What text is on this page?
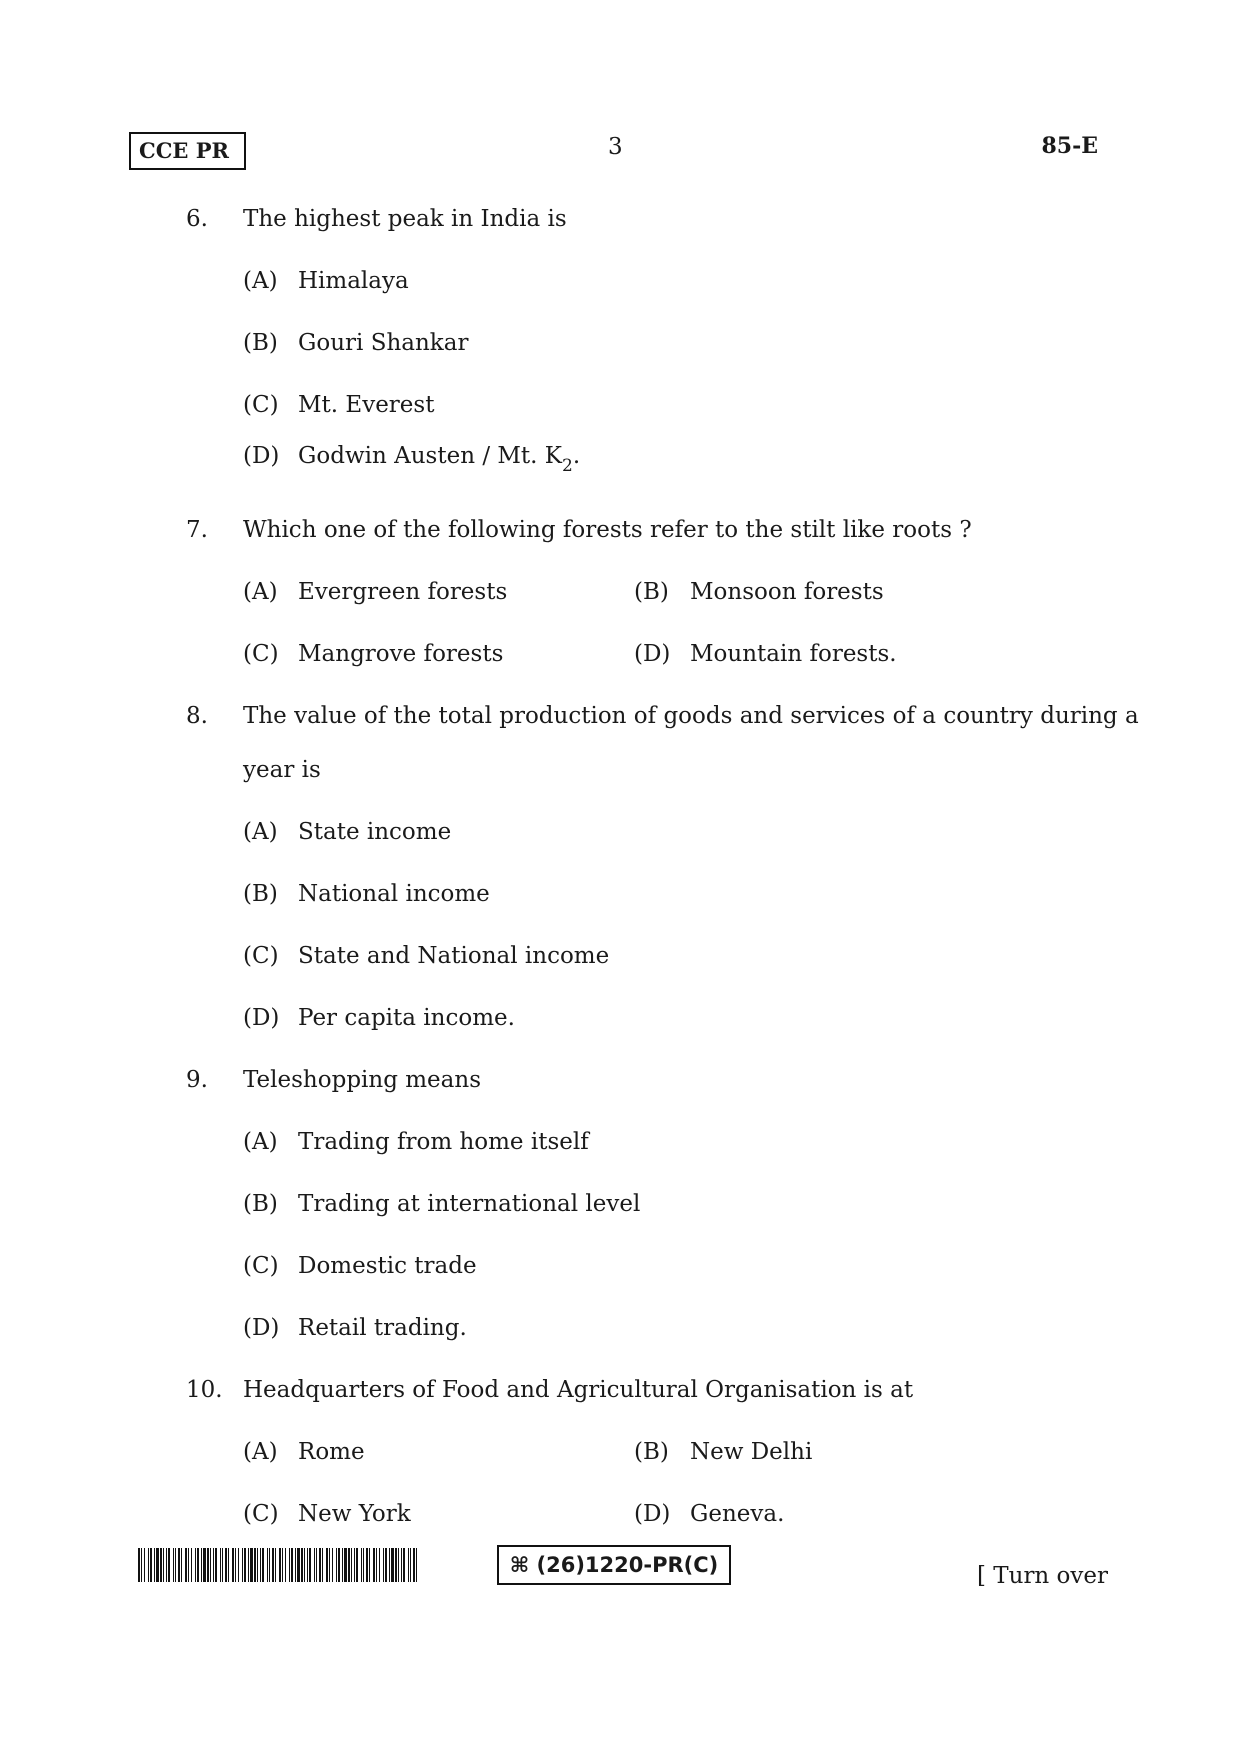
CCE PR	3	85-E
6. The highest peak in India is
(A) Himalaya
(B) Gouri Shankar
(C) Mt. Everest
(D) Godwin Austen / Mt. $K_2$.
7. Which one of the following forests refer to the stilt like roots ?
(A) Evergreen forests	(B) Monsoon forests
(C) Mangrove forests	(D) Mountain forests.
8. The value of the total production of goods and services of a country during a
year is
(A) State income
(B) National income
(C) State and National income
(D) Per capita income.
9. Teleshopping means
(A) Trading from home itself
(B) Trading at international level
(C) Domestic trade
(D) Retail trading.
10. Headquarters of Food and Agricultural Organisation is at
(A) Rome	(B) New Delhi
(C) New York	(D) Geneva.
⌘ (26)1220-PR(C)	[ Turn over
